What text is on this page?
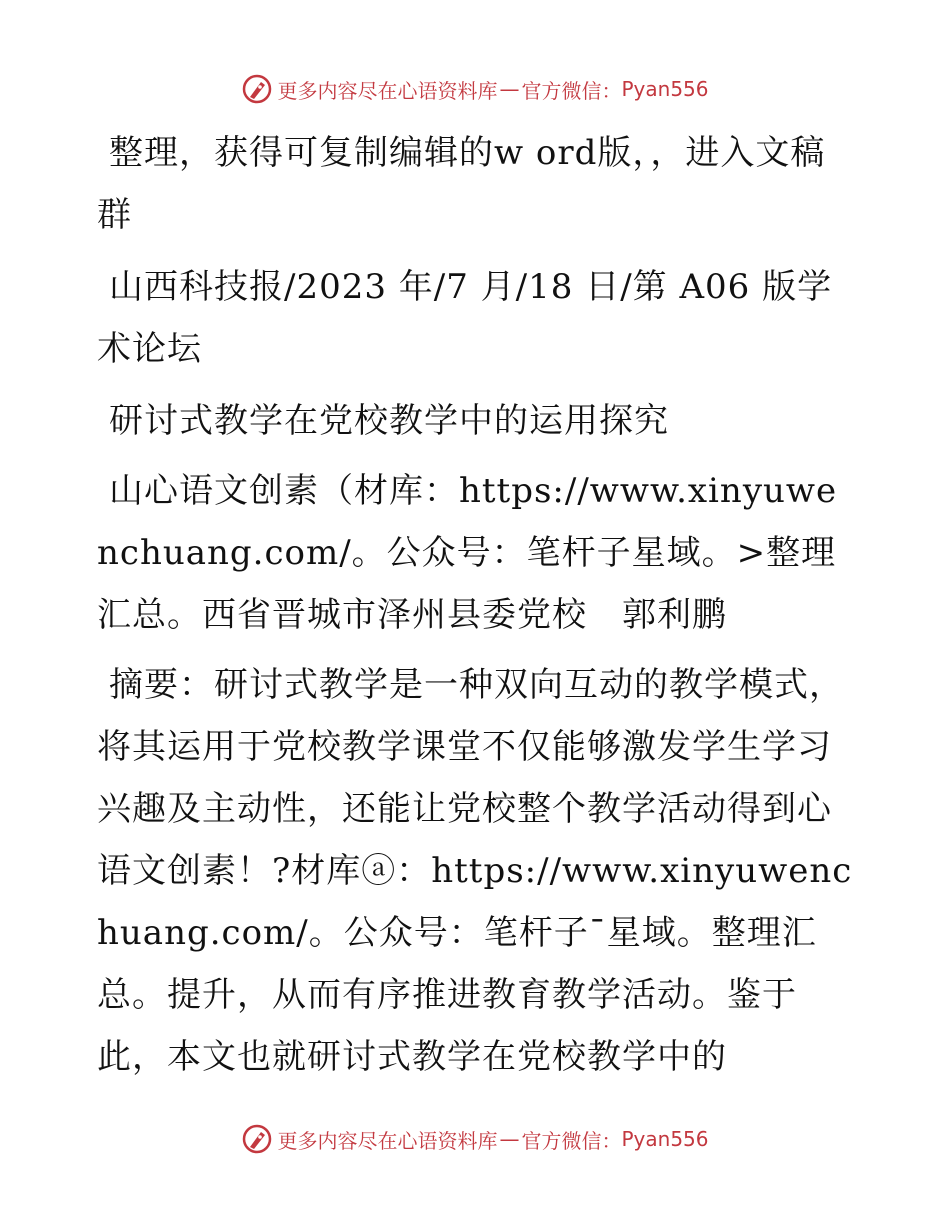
更多内容尽在心语资料库 — 官方微信： Pyan556

整理，获得可复制编辑的w ord版，，进入文稿群

山西科技报/2023 年/7 月/18 日/第 A06 版学术论坛

研讨式教学在党校教学中的运用探究

山心语文创素（材库：https://www.xinyuwenchuang.com/。公众号：笔杆子星域。>整理汇总。西省晋城市泽州县委党校　郭利鹏

摘要：研讨式教学是一种双向互动的教学模式，将其运用于党校教学课堂不仅能够激发学生学习兴趣及主动性，还能让党校整个教学活动得到心语文创素！?材库ⓐ：https://www.xinyuwenchuang.com/。公众号：笔杆子¯星域。整理汇总。提升，从而有序推进教育教学活动。鉴于此，本文也就研讨式教学在党校教学中的

更多内容尽在心语资料库 — 官方微信： Pyan556
